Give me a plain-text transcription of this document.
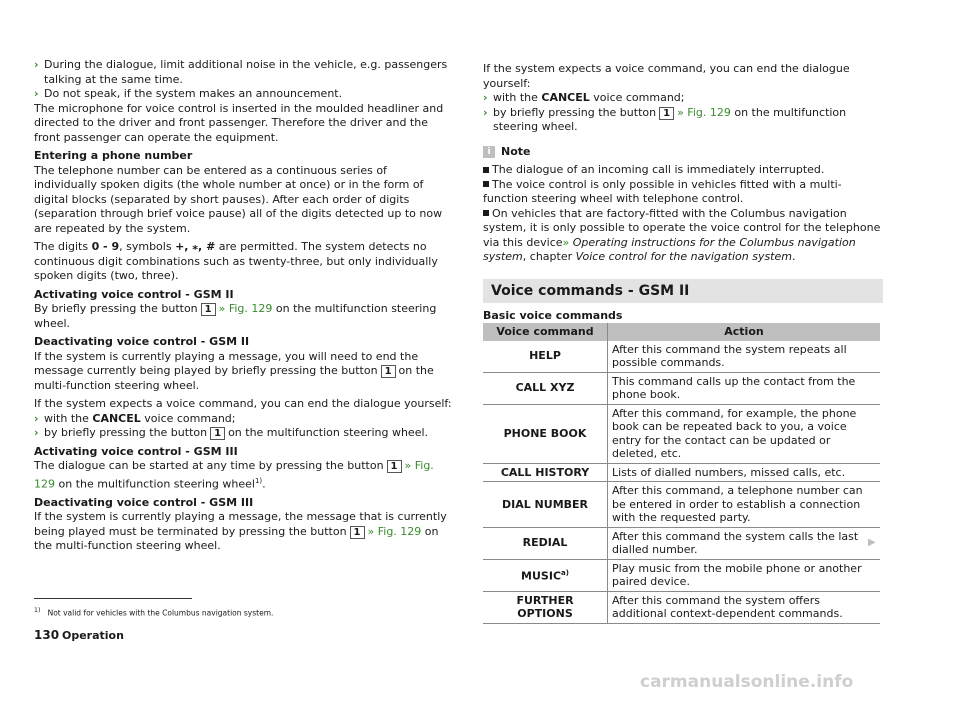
› During the dialogue, limit additional noise in the vehicle, e.g. passengers talking at the same time.

› Do not speak, if the system makes an announcement.

The microphone for voice control is inserted in the moulded headliner and directed to the driver and front passenger. Therefore the driver and the front passenger can operate the equipment.

Entering a phone number

The telephone number can be entered as a continuous series of individually spoken digits (the whole number at once) or in the form of digital blocks (separated by short pauses). After each order of digits (separation through brief voice pause) all of the digits detected up to now are repeated by the system.

The digits 0 - 9, symbols +, ⁎, # are permitted. The system detects no continuous digit combinations such as twenty-three, but only individually spoken digits (two, three).

Activating voice control - GSM II

By briefly pressing the button 1 » Fig. 129 on the multifunction steering wheel.

Deactivating voice control - GSM II

If the system is currently playing a message, you will need to end the message currently being played by briefly pressing the button 1 on the multi-function steering wheel.

If the system expects a voice command, you can end the dialogue yourself:

› with the CANCEL voice command;

› by briefly pressing the button 1 on the multifunction steering wheel.

Activating voice control - GSM III

The dialogue can be started at any time by pressing the button 1 » Fig. 129 on the multifunction steering wheel$^{1)}$.

Deactivating voice control - GSM III

If the system is currently playing a message, the message that is currently being played must be terminated by pressing the button 1 » Fig. 129 on the multi-function steering wheel.

If the system expects a voice command, you can end the dialogue yourself:

› with the CANCEL voice command;

› by briefly pressing the button 1 » Fig. 129 on the multifunction steering wheel.

i Note

The dialogue of an incoming call is immediately interrupted.

The voice control is only possible in vehicles fitted with a multi-function steering wheel with telephone control.

On vehicles that are factory-fitted with the Columbus navigation system, it is only possible to operate the voice control for the telephone via this device» Operating instructions for the Columbus navigation system, chapter Voice control for the navigation system.

Voice commands - GSM II
Basic voice commands
Voice command	Action
HELP	After this command the system repeats all possible commands.
CALL XYZ	This command calls up the contact from the phone book.
PHONE BOOK	After this command, for example, the phone book can be repeated back to you, a voice entry for the contact can be updated or deleted, etc.
CALL HISTORY	Lists of dialled numbers, missed calls, etc.
DIAL NUMBER	After this command, a telephone number can be entered in order to establish a connection with the requested party.
REDIAL	After this command the system calls the last dialled number.
MUSIC$^{a)}$	Play music from the mobile phone or another paired device.
FURTHER OPTIONS	After this command the system offers additional context-dependent commands.
▶
$^{1)}$ Not valid for vehicles with the Columbus navigation system.
130 Operation
carmanualsonline.info
